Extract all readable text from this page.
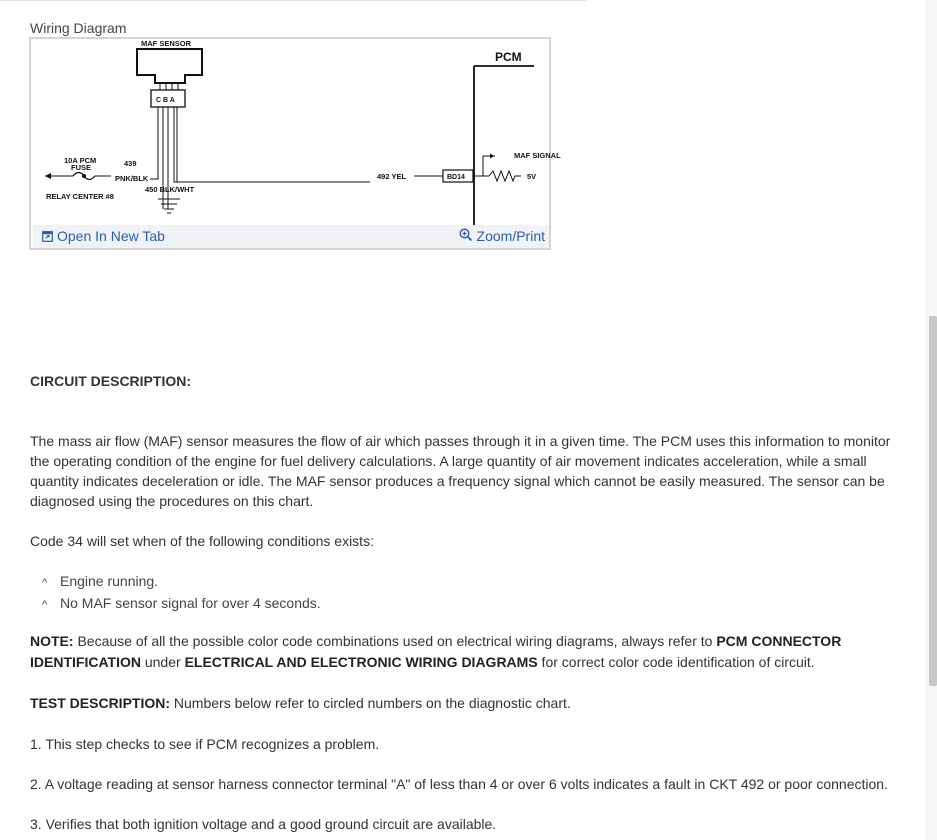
Wiring Diagram
MAF SENSOR
C B A
10A PCM
FUSE	439
PNK/BLK
RELAY CENTER #8
450 BLK/WHT
492 YEL	BD14
PCM
MAF SIGNAL
5V
Open In New Tab	Zoom/Print
CIRCUIT DESCRIPTION:
The mass air flow (MAF) sensor measures the flow of air which passes through it in a given time. The PCM uses this information to monitor the operating condition of the engine for fuel delivery calculations. A large quantity of air movement indicates acceleration, while a small quantity indicates deceleration or idle. The MAF sensor produces a frequency signal which cannot be easily measured. The sensor can be diagnosed using the procedures on this chart.
Code 34 will set when of the following conditions exists:
^ Engine running.
^ No MAF sensor signal for over 4 seconds.
NOTE: Because of all the possible color code combinations used on electrical wiring diagrams, always refer to PCM CONNECTOR IDENTIFICATION under ELECTRICAL AND ELECTRONIC WIRING DIAGRAMS for correct color code identification of circuit.
TEST DESCRIPTION: Numbers below refer to circled numbers on the diagnostic chart.
1. This step checks to see if PCM recognizes a problem.
2. A voltage reading at sensor harness connector terminal "A" of less than 4 or over 6 volts indicates a fault in CKT 492 or poor connection.
3. Verifies that both ignition voltage and a good ground circuit are available.
